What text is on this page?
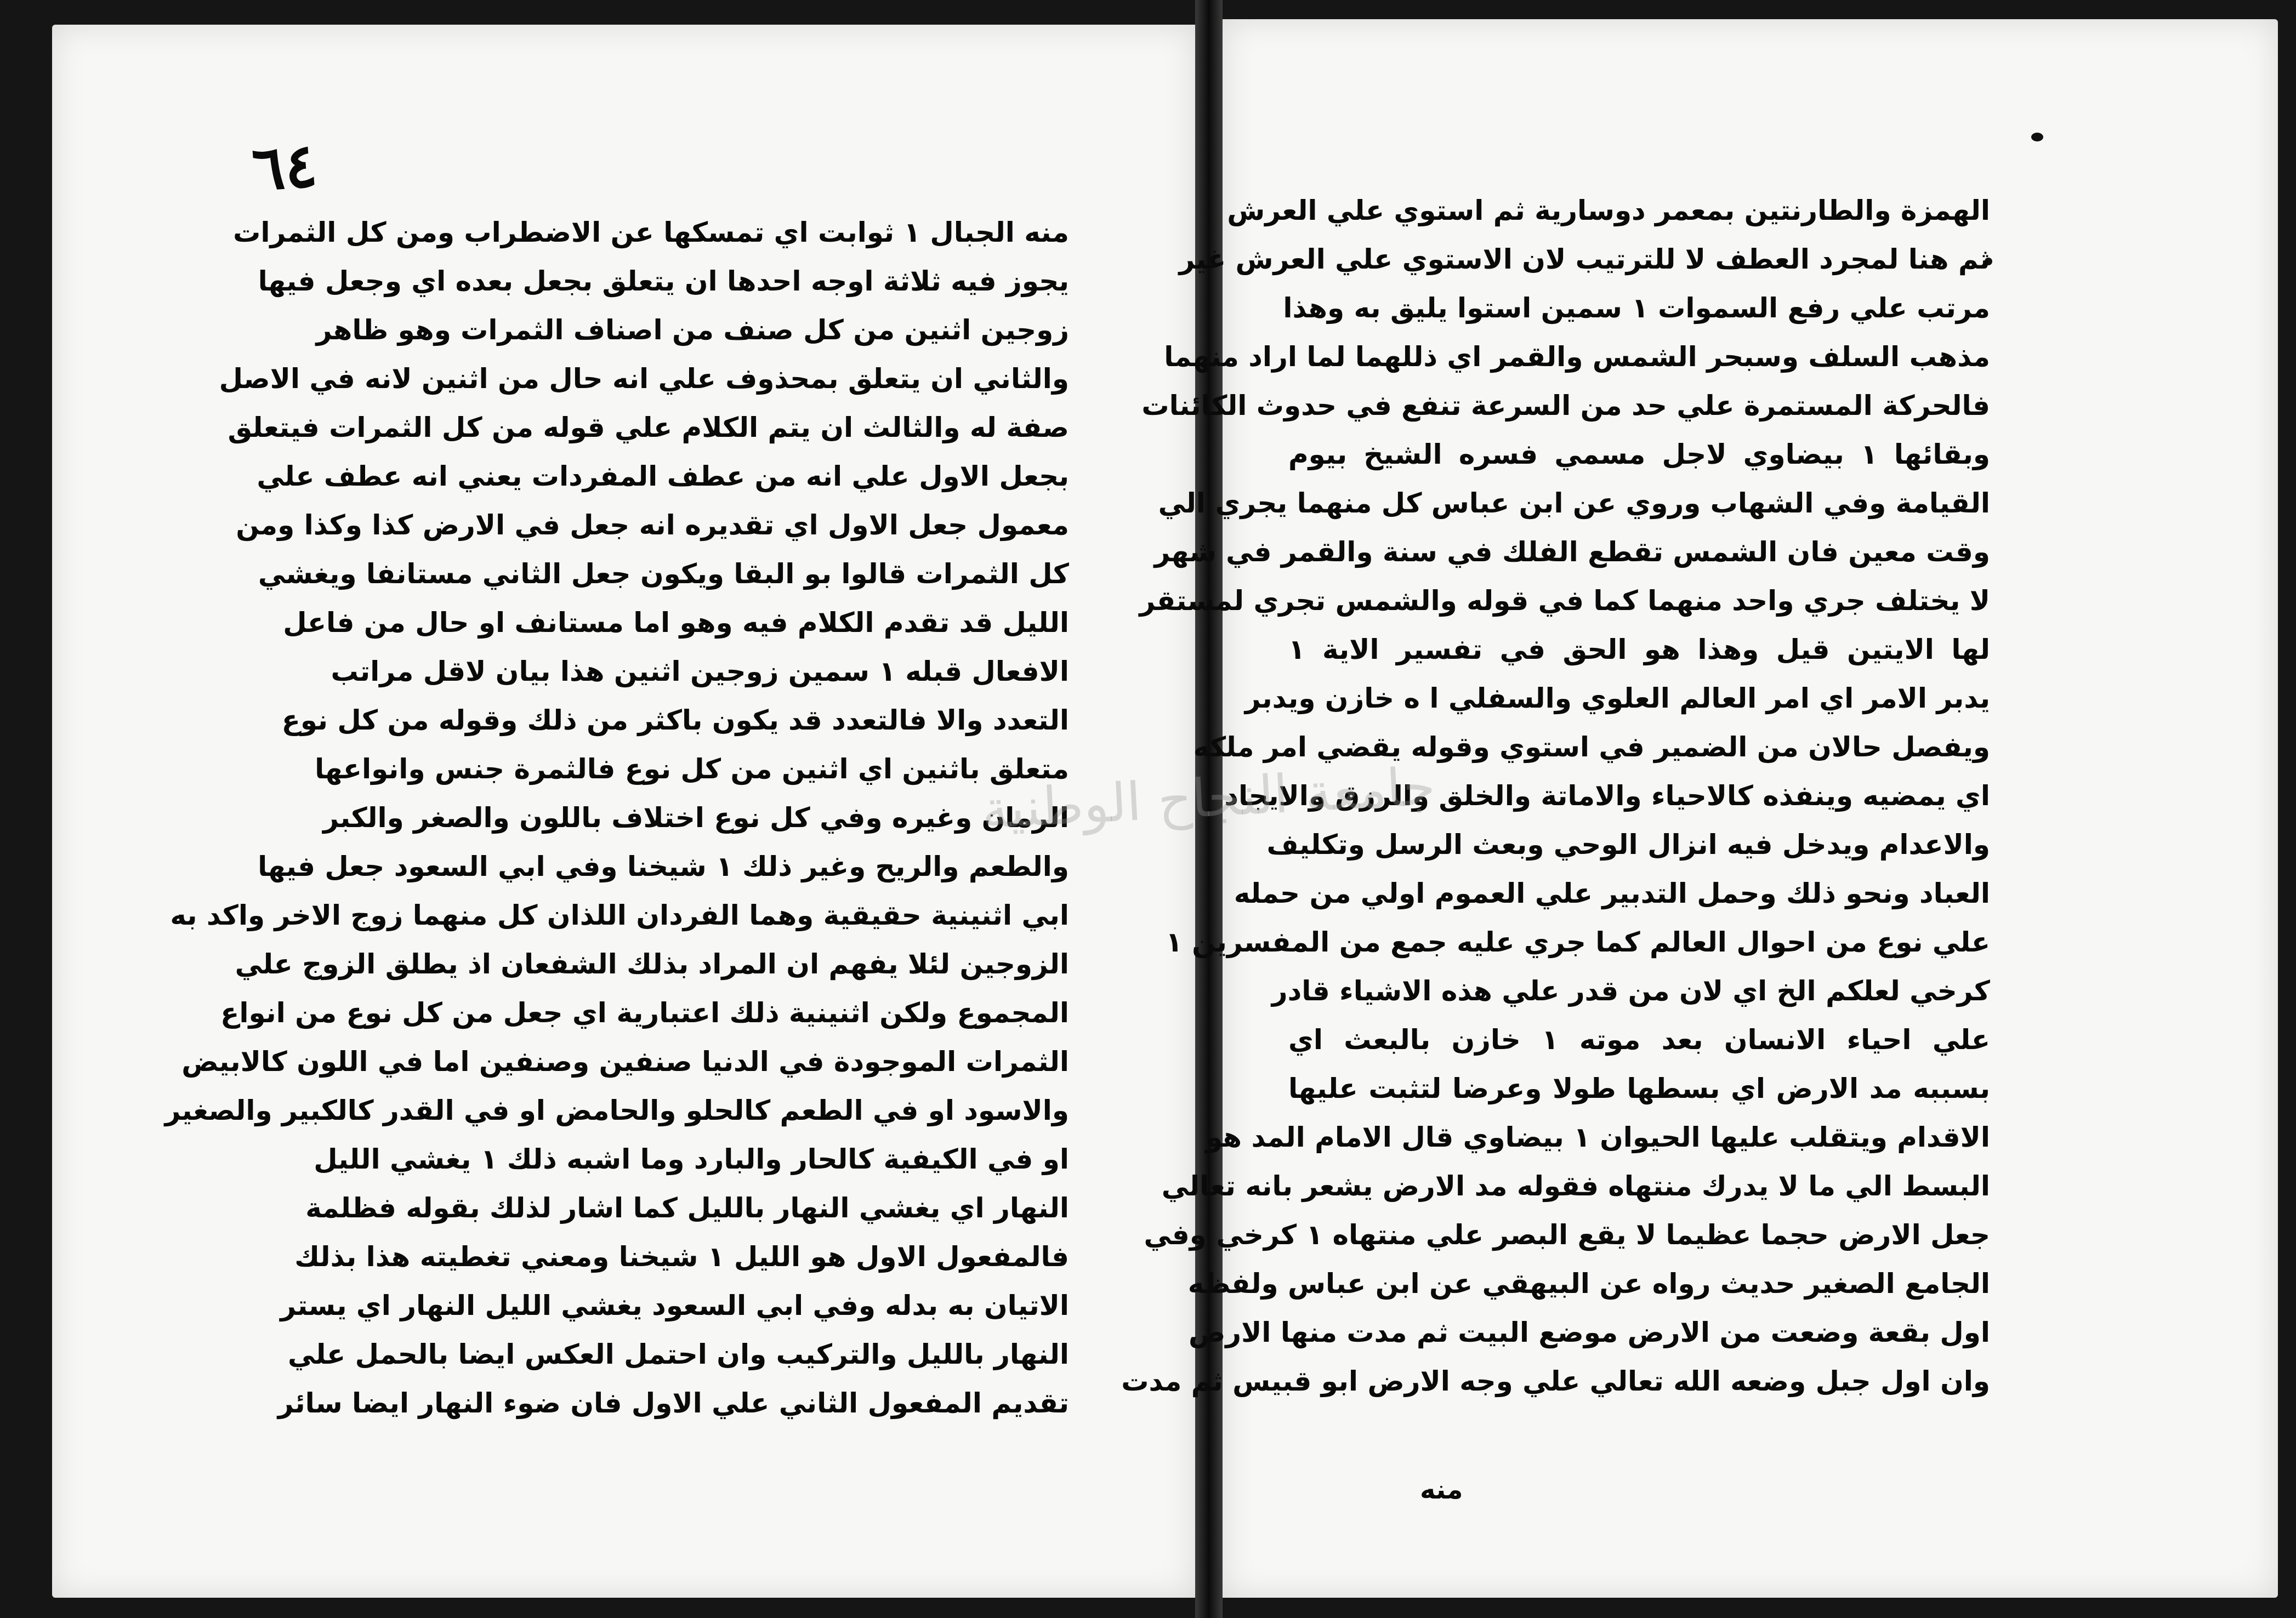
٦٤
منه الجبال ۱ ثوابت اي تمسكها عن الاضطراب ومن كل الثمرات
يجوز فيه ثلاثة اوجه احدها ان يتعلق بجعل بعده اي وجعل فيها
زوجين اثنين من كل صنف من اصناف الثمرات وهو ظاهر
والثاني ان يتعلق بمحذوف علي انه حال من اثنين لانه في الاصل
صفة له والثالث ان يتم الكلام علي قوله من كل الثمرات فيتعلق
بجعل الاول علي انه من عطف المفردات يعني انه عطف علي
معمول جعل الاول اي تقديره انه جعل في الارض كذا وكذا ومن
كل الثمرات قالوا بو البقا ويكون جعل الثاني مستانفا ويغشي
الليل قد تقدم الكلام فيه وهو اما مستانف او حال من فاعل
الافعال قبله ۱ سمين زوجين اثنين هذا بيان لاقل مراتب
التعدد والا فالتعدد قد يكون باكثر من ذلك وقوله من كل نوع
متعلق باثنين اي اثنين من كل نوع فالثمرة جنس وانواعها
الرمان وغيره وفي كل نوع اختلاف باللون والصغر والكبر
والطعم والريح وغير ذلك ۱ شيخنا وفي ابي السعود جعل فيها
ابي اثنينية حقيقية وهما الفردان اللذان كل منهما زوج الاخر واكد به
الزوجين لئلا يفهم ان المراد بذلك الشفعان اذ يطلق الزوج علي
المجموع ولكن اثنينية ذلك اعتبارية اي جعل من كل نوع من انواع
الثمرات الموجودة في الدنيا صنفين وصنفين اما في اللون كالابيض
والاسود او في الطعم كالحلو والحامض او في القدر كالكبير والصغير
او في الكيفية كالحار والبارد وما اشبه ذلك ۱ يغشي الليل
النهار اي يغشي النهار بالليل كما اشار لذلك بقوله فظلمة
فالمفعول الاول هو الليل ۱ شيخنا ومعني تغطيته هذا بذلك
الاتيان به بدله وفي ابي السعود يغشي الليل النهار اي يستر
النهار بالليل والتركيب وان احتمل العكس ايضا بالحمل علي
تقديم المفعول الثاني علي الاول فان ضوء النهار ايضا سائر
الهمزة والطارنتين بمعمر دوسارية ثم استوي علي العرش
ثم هنا لمجرد العطف لا للترتيب لان الاستوي علي العرش غير
مرتب علي رفع السموات ۱ سمين استوا يليق به وهذا
مذهب السلف وسبحر الشمس والقمر اي ذللهما لما اراد منهما
فالحركة المستمرة علي حد من السرعة تنفع في حدوث الكائنات
وبقائها ۱ بيضاوي لاجل مسمي فسره الشيخ بيوم
القيامة وفي الشهاب وروي عن ابن عباس كل منهما يجري الي
وقت معين فان الشمس تقطع الفلك في سنة والقمر في شهر
لا يختلف جري واحد منهما كما في قوله والشمس تجري لمستقر
لها الايتين قيل وهذا هو الحق في تفسير الاية ۱
يدبر الامر اي امر العالم العلوي والسفلي ا ه خازن ويدبر
ويفصل حالان من الضمير في استوي وقوله يقضي امر ملكه
اي يمضيه وينفذه كالاحياء والاماتة والخلق والرزق والايجاد
والاعدام ويدخل فيه انزال الوحي وبعث الرسل وتكليف
العباد ونحو ذلك وحمل التدبير علي العموم اولي من حمله
علي نوع من احوال العالم كما جري عليه جمع من المفسرين ۱
كرخي لعلكم الخ اي لان من قدر علي هذه الاشياء قادر
علي احياء الانسان بعد موته ۱ خازن بالبعث اي
بسببه مد الارض اي بسطها طولا وعرضا لتثبت عليها
الاقدام ويتقلب عليها الحيوان ۱ بيضاوي قال الامام المد هو
البسط الي ما لا يدرك منتهاه فقوله مد الارض يشعر بانه تعالي
جعل الارض حجما عظيما لا يقع البصر علي منتهاه ۱ كرخي وفي
الجامع الصغير حديث رواه عن البيهقي عن ابن عباس ولفظه
اول بقعة وضعت من الارض موضع البيت ثم مدت منها الارض
وان اول جبل وضعه الله تعالي علي وجه الارض ابو قبيس ثم مدت
جامعة النجاح الوطنية
منه
